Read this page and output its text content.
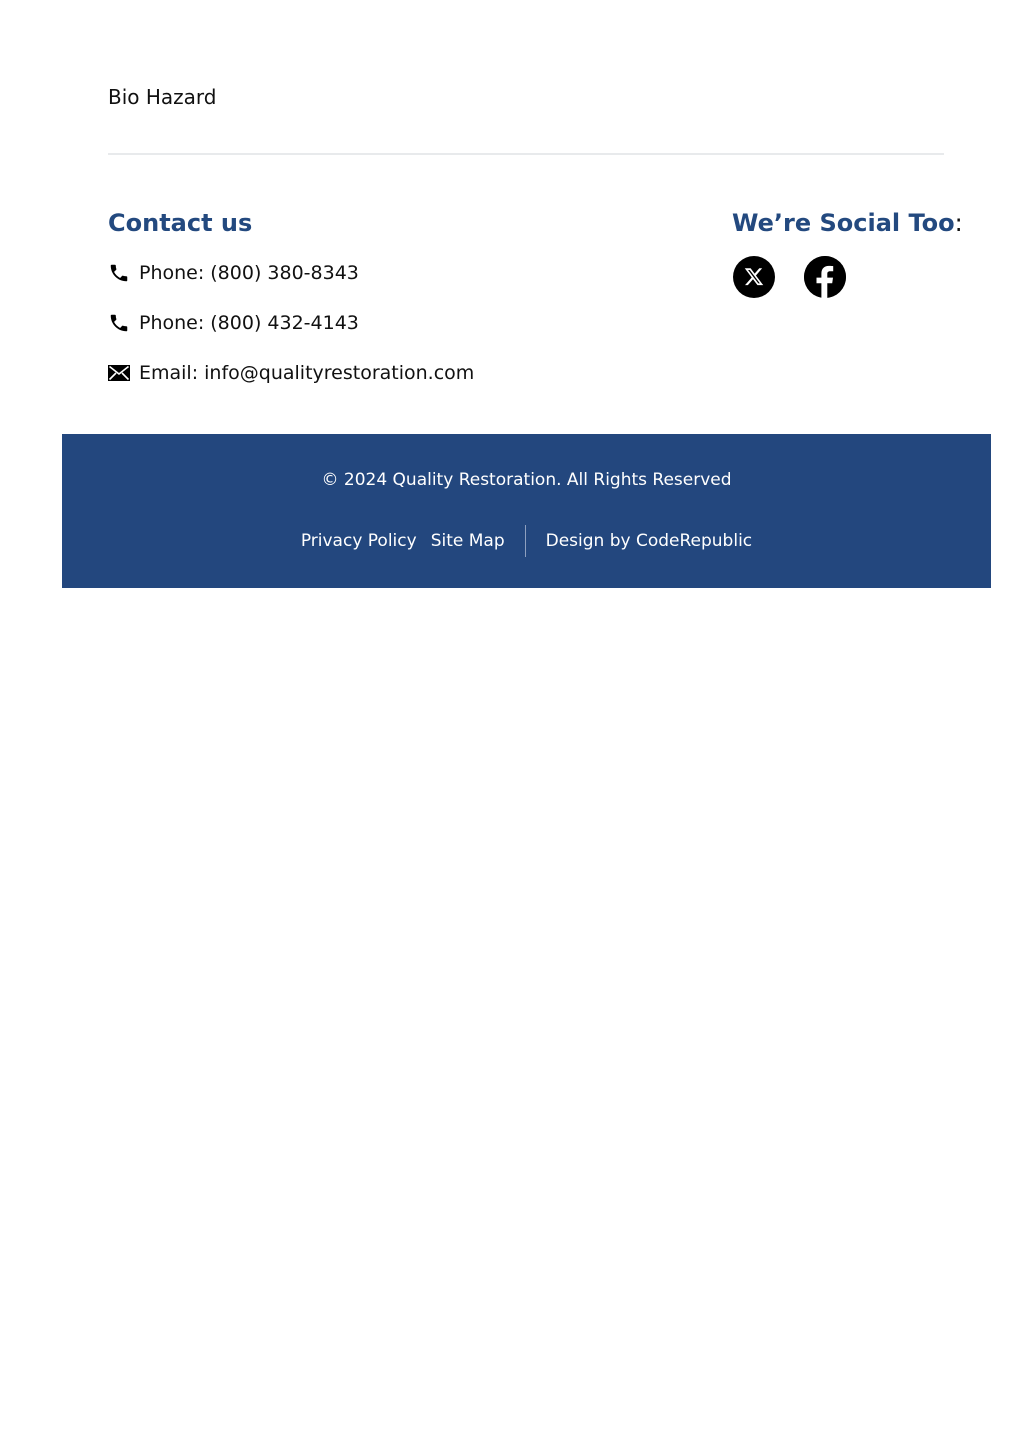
Bio Hazard
Contact us
Phone: (800) 380-8343
Phone: (800) 432-4143
Email: info@qualityrestoration.com
We’re Social Too:
© 2024 Quality Restoration. All Rights Reserved
Privacy Policy Site Map Design by CodeRepublic
